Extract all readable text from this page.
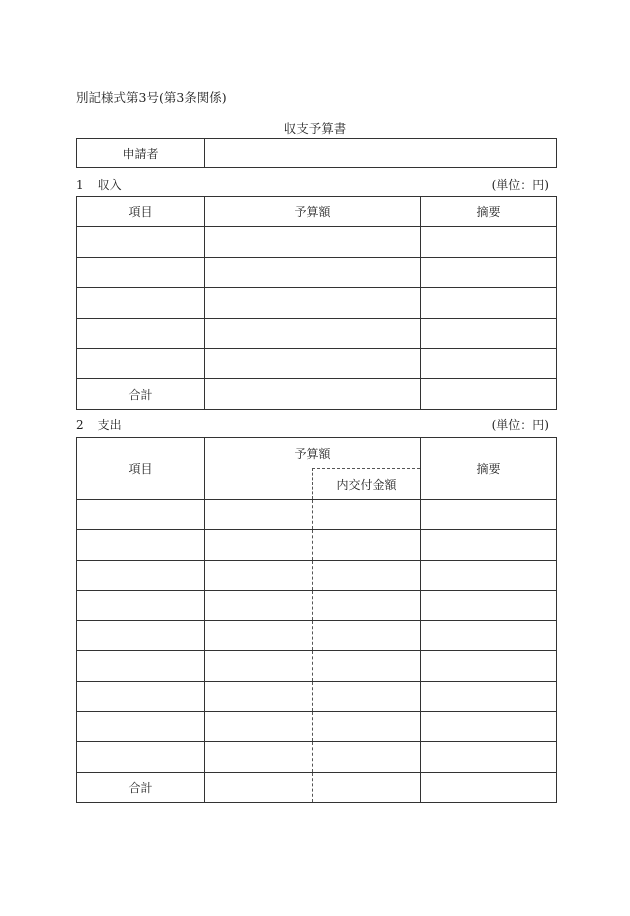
別記様式第3号(第3条関係)
収支予算書
申請者	
1 収入	(単位：円)
項目	予算額	摘要

合計		
2 支出	(単位：円)
項目	予算額		摘要
		内交付金額	

合計			
